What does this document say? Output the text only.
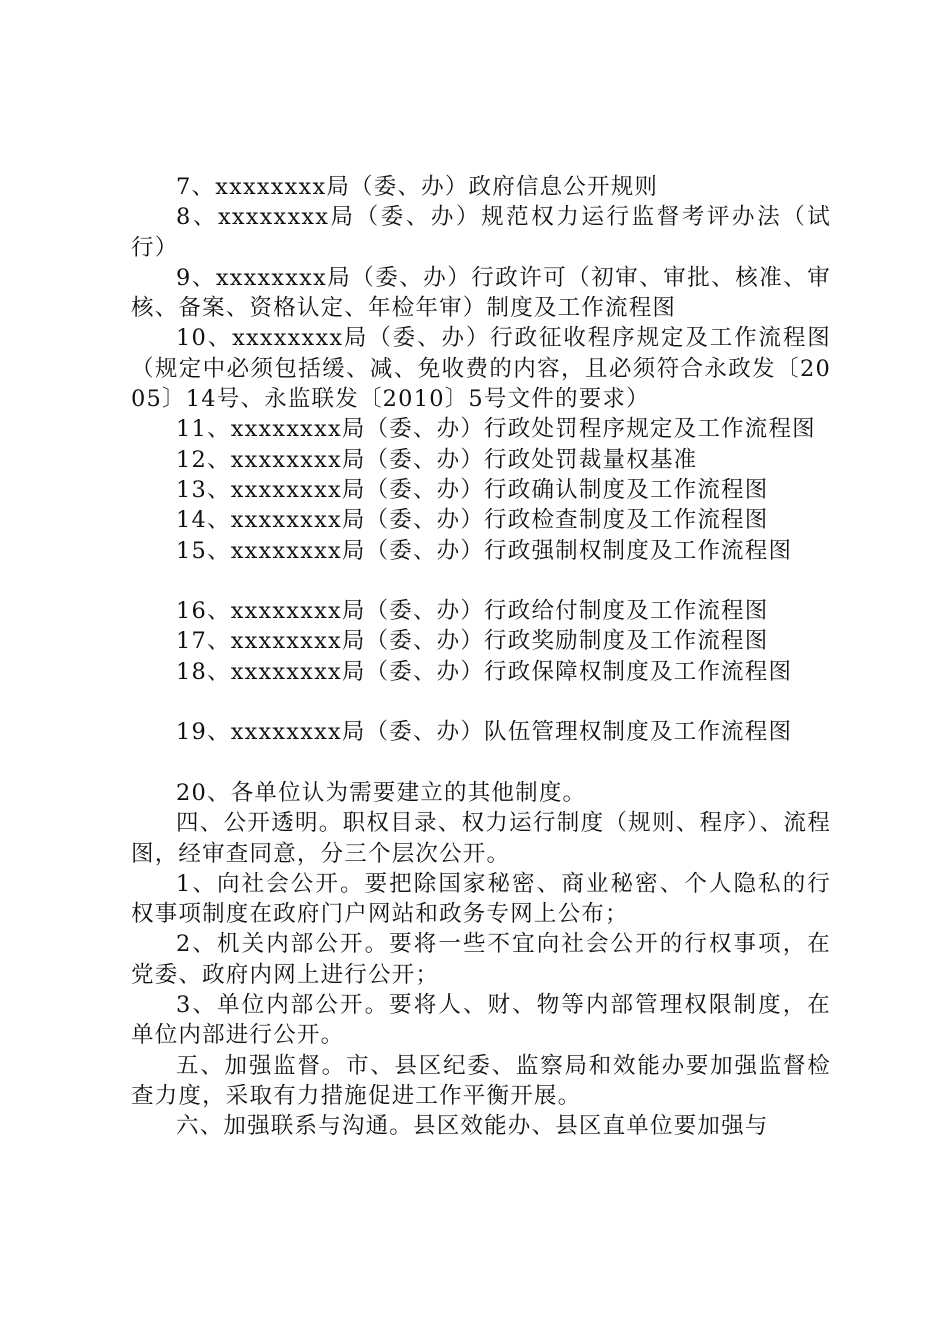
7、xxxxxxxx局（委、办）政府信息公开规则

8、xxxxxxxx局（委、办）规范权力运行监督考评办法（试行）

9、xxxxxxxx局（委、办）行政许可（初审、审批、核准、审核、备案、资格认定、年检年审）制度及工作流程图

10、xxxxxxxx局（委、办）行政征收程序规定及工作流程图（规定中必须包括缓、减、免收费的内容，且必须符合永政发〔2005〕14号、永监联发〔2010〕5号文件的要求）

11、xxxxxxxx局（委、办）行政处罚程序规定及工作流程图

12、xxxxxxxx局（委、办）行政处罚裁量权基准

13、xxxxxxxx局（委、办）行政确认制度及工作流程图

14、xxxxxxxx局（委、办）行政检查制度及工作流程图

15、xxxxxxxx局（委、办）行政强制权制度及工作流程图

16、xxxxxxxx局（委、办）行政给付制度及工作流程图

17、xxxxxxxx局（委、办）行政奖励制度及工作流程图

18、xxxxxxxx局（委、办）行政保障权制度及工作流程图

19、xxxxxxxx局（委、办）队伍管理权制度及工作流程图

20、各单位认为需要建立的其他制度。

四、公开透明。职权目录、权力运行制度（规则、程序）、流程图，经审查同意，分三个层次公开。

1、向社会公开。要把除国家秘密、商业秘密、个人隐私的行权事项制度在政府门户网站和政务专网上公布；

2、机关内部公开。要将一些不宜向社会公开的行权事项，在党委、政府内网上进行公开；

3、单位内部公开。要将人、财、物等内部管理权限制度，在单位内部进行公开。

五、加强监督。市、县区纪委、监察局和效能办要加强监督检查力度，采取有力措施促进工作平衡开展。

六、加强联系与沟通。县区效能办、县区直单位要加强与
